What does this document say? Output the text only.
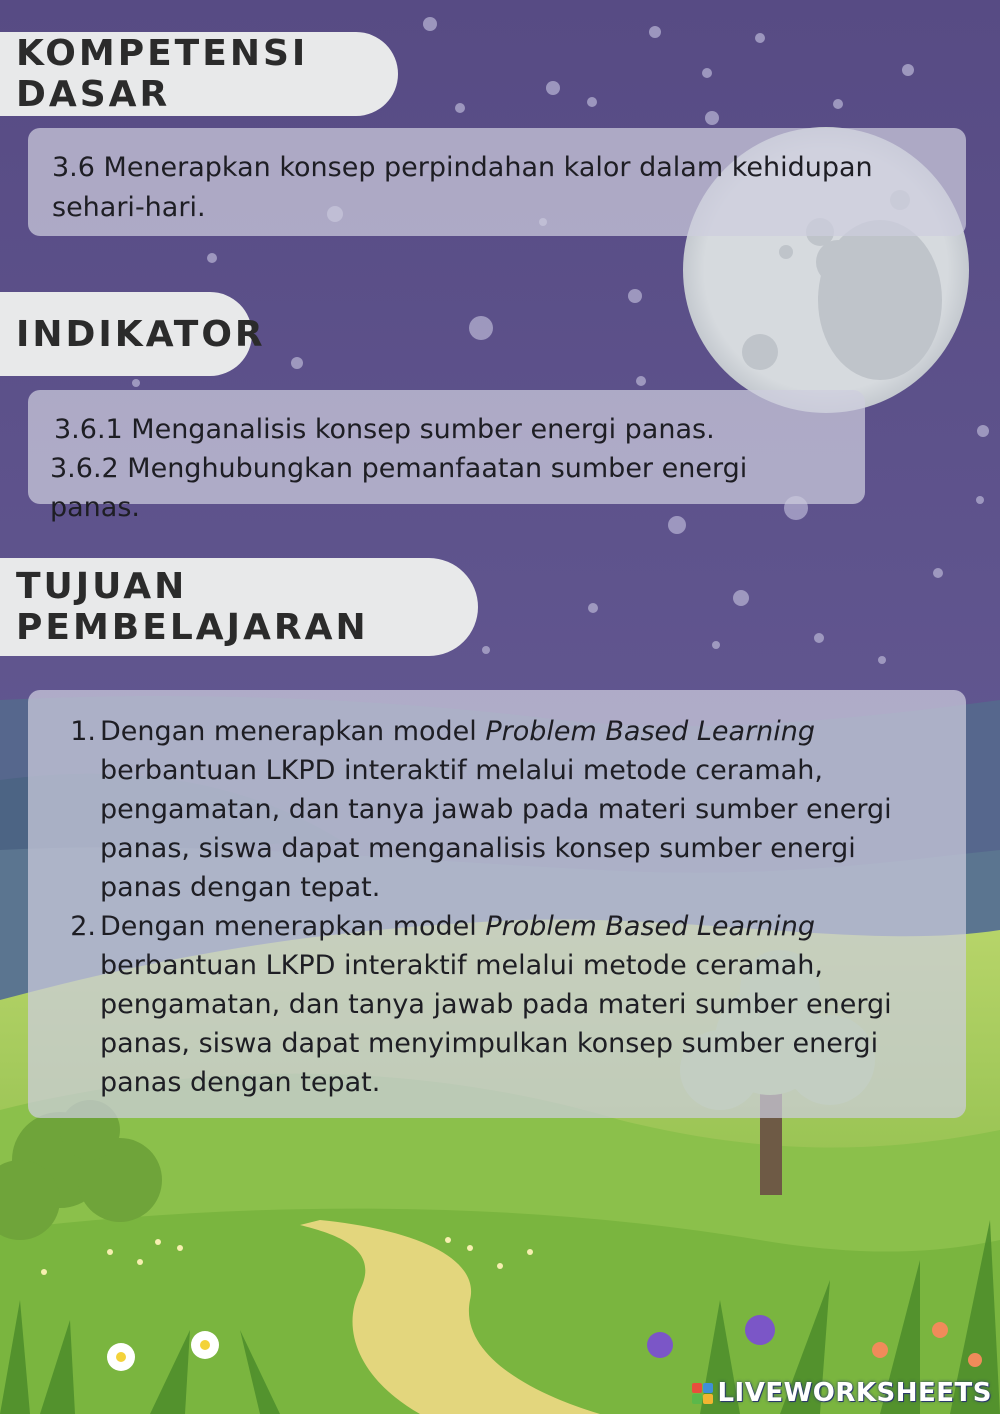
KOMPETENSI DASAR

3.6 Menerapkan konsep perpindahan kalor dalam kehidupan

sehari-hari.

INDIKATOR

3.6.1 Menganalisis konsep sumber energi panas.

3.6.2 Menghubungkan pemanfaatan sumber energi panas.

TUJUAN PEMBELAJARAN
1. Dengan menerapkan model Problem Based Learning
berbantuan LKPD interaktif melalui metode ceramah,
pengamatan, dan tanya jawab pada materi sumber energi
panas, siswa dapat menganalisis konsep sumber energi
panas dengan tepat.
2. Dengan menerapkan model Problem Based Learning
berbantuan LKPD interaktif melalui metode ceramah,
pengamatan, dan tanya jawab pada materi sumber energi
panas, siswa dapat menyimpulkan konsep sumber energi
panas dengan tepat.
LIVEWORKSHEETS
